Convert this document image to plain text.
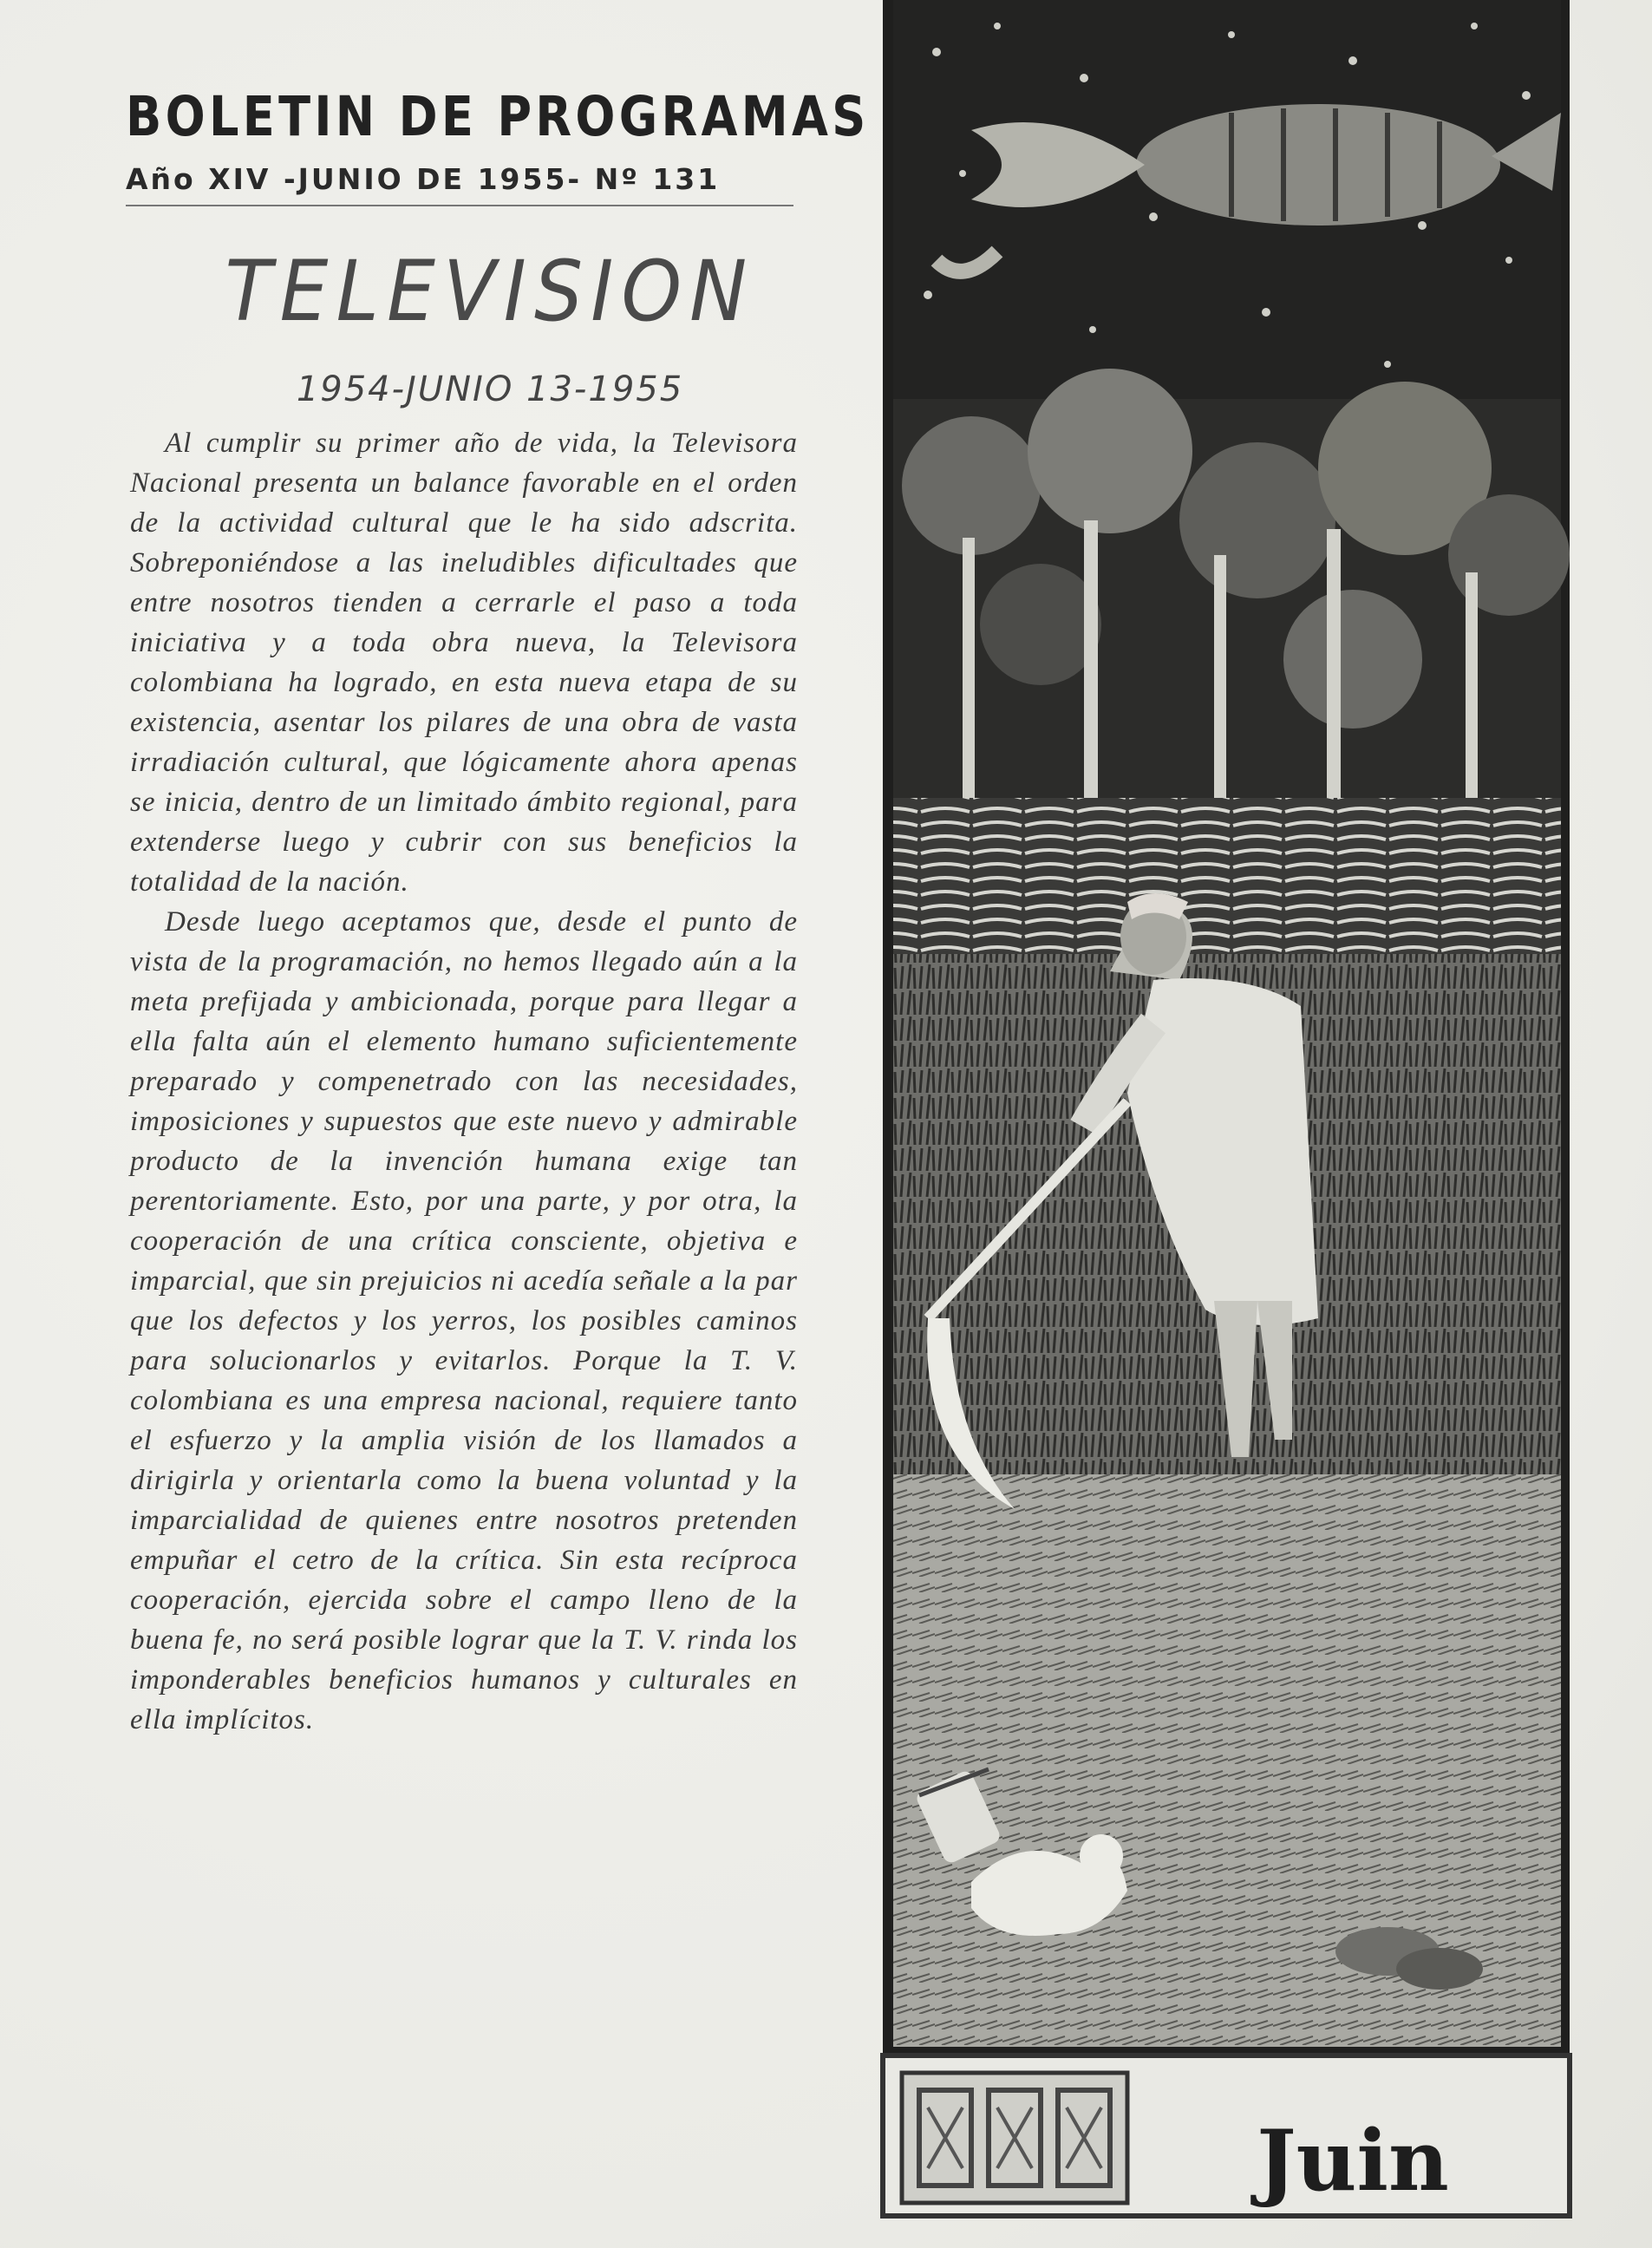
BOLETIN DE PROGRAMAS
Año XIV -JUNIO DE 1955- Nº 131
TELEVISION
1954-JUNIO 13-1955

Al cumplir su primer año de vida, la Televisora Nacional presenta un balance favorable en el orden de la actividad cultural que le ha sido adscrita. Sobreponiéndose a las ineludibles dificultades que entre nosotros tienden a cerrarle el paso a toda iniciativa y a toda obra nueva, la Televisora colombiana ha logrado, en esta nueva etapa de su existencia, asentar los pilares de una obra de vasta irradiación cultural, que lógicamente ahora apenas se inicia, dentro de un limitado ámbito regional, para extenderse luego y cubrir con sus beneficios la totalidad de la nación.

Desde luego aceptamos que, desde el punto de vista de la programación, no hemos llegado aún a la meta prefijada y ambicionada, porque para llegar a ella falta aún el elemento humano suficientemente preparado y compenetrado con las necesidades, imposiciones y supuestos que este nuevo y admirable producto de la invención humana exige tan perentoriamente. Esto, por una parte, y por otra, la cooperación de una crítica consciente, objetiva e imparcial, que sin prejuicios ni acedía señale a la par que los defectos y los yerros, los posibles caminos para solucionarlos y evitarlos. Porque la T. V. colombiana es una empresa nacional, requiere tanto el esfuerzo y la amplia visión de los llamados a dirigirla y orientarla como la buena voluntad y la imparcialidad de quienes entre nosotros pretenden empuñar el cetro de la crítica. Sin esta recíproca cooperación, ejercida sobre el campo lleno de la buena fe, no será posible lograr que la T. V. rinda los imponderables beneficios humanos y culturales en ella implícitos.

Juin
